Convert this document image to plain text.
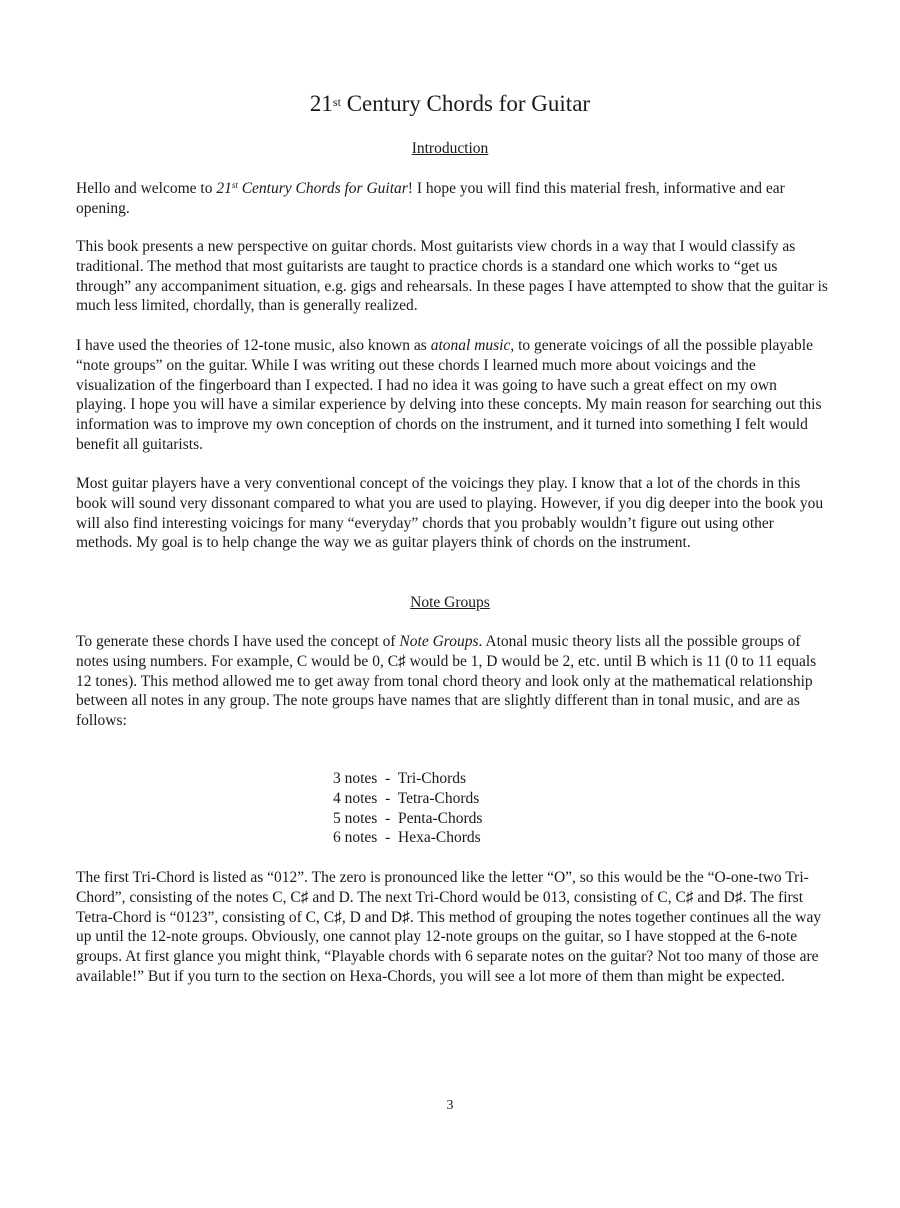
21st Century Chords for Guitar
Introduction
Hello and welcome to 21st Century Chords for Guitar! I hope you will find this material fresh, informative and ear opening.
This book presents a new perspective on guitar chords. Most guitarists view chords in a way that I would classify as traditional. The method that most guitarists are taught to practice chords is a standard one which works to “get us through” any accompaniment situation, e.g. gigs and rehearsals. In these pages I have attempted to show that the guitar is much less limited, chordally, than is generally realized.
I have used the theories of 12-tone music, also known as atonal music, to generate voicings of all the possible playable “note groups” on the guitar. While I was writing out these chords I learned much more about voicings and the visualization of the fingerboard than I expected. I had no idea it was going to have such a great effect on my own playing. I hope you will have a similar experience by delving into these concepts. My main reason for searching out this information was to improve my own conception of chords on the instrument, and it turned into something I felt would benefit all guitarists.
Most guitar players have a very conventional concept of the voicings they play. I know that a lot of the chords in this book will sound very dissonant compared to what you are used to playing. However, if you dig deeper into the book you will also find interesting voicings for many “everyday” chords that you probably wouldn’t figure out using other methods. My goal is to help change the way we as guitar players think of chords on the instrument.
Note Groups
To generate these chords I have used the concept of Note Groups. Atonal music theory lists all the possible groups of notes using numbers. For example, C would be 0, C♯ would be 1, D would be 2, etc. until B which is 11 (0 to 11 equals 12 tones). This method allowed me to get away from tonal chord theory and look only at the mathematical relationship between all notes in any group. The note groups have names that are slightly different than in tonal music, and are as follows:
3 notes  -  Tri-Chords
4 notes  -  Tetra-Chords
5 notes  -  Penta-Chords
6 notes  -  Hexa-Chords
The first Tri-Chord is listed as “012”. The zero is pronounced like the letter “O”, so this would be the “O-one-two Tri-Chord”, consisting of the notes C, C♯ and D. The next Tri-Chord would be 013, consisting of C, C♯ and D♯. The first Tetra-Chord is “0123”, consisting of C, C♯, D and D♯. This method of grouping the notes together continues all the way up until the 12-note groups. Obviously, one cannot play 12-note groups on the guitar, so I have stopped at the 6-note groups. At first glance you might think, “Playable chords with 6 separate notes on the guitar? Not too many of those are available!” But if you turn to the section on Hexa-Chords, you will see a lot more of them than might be expected.
3
